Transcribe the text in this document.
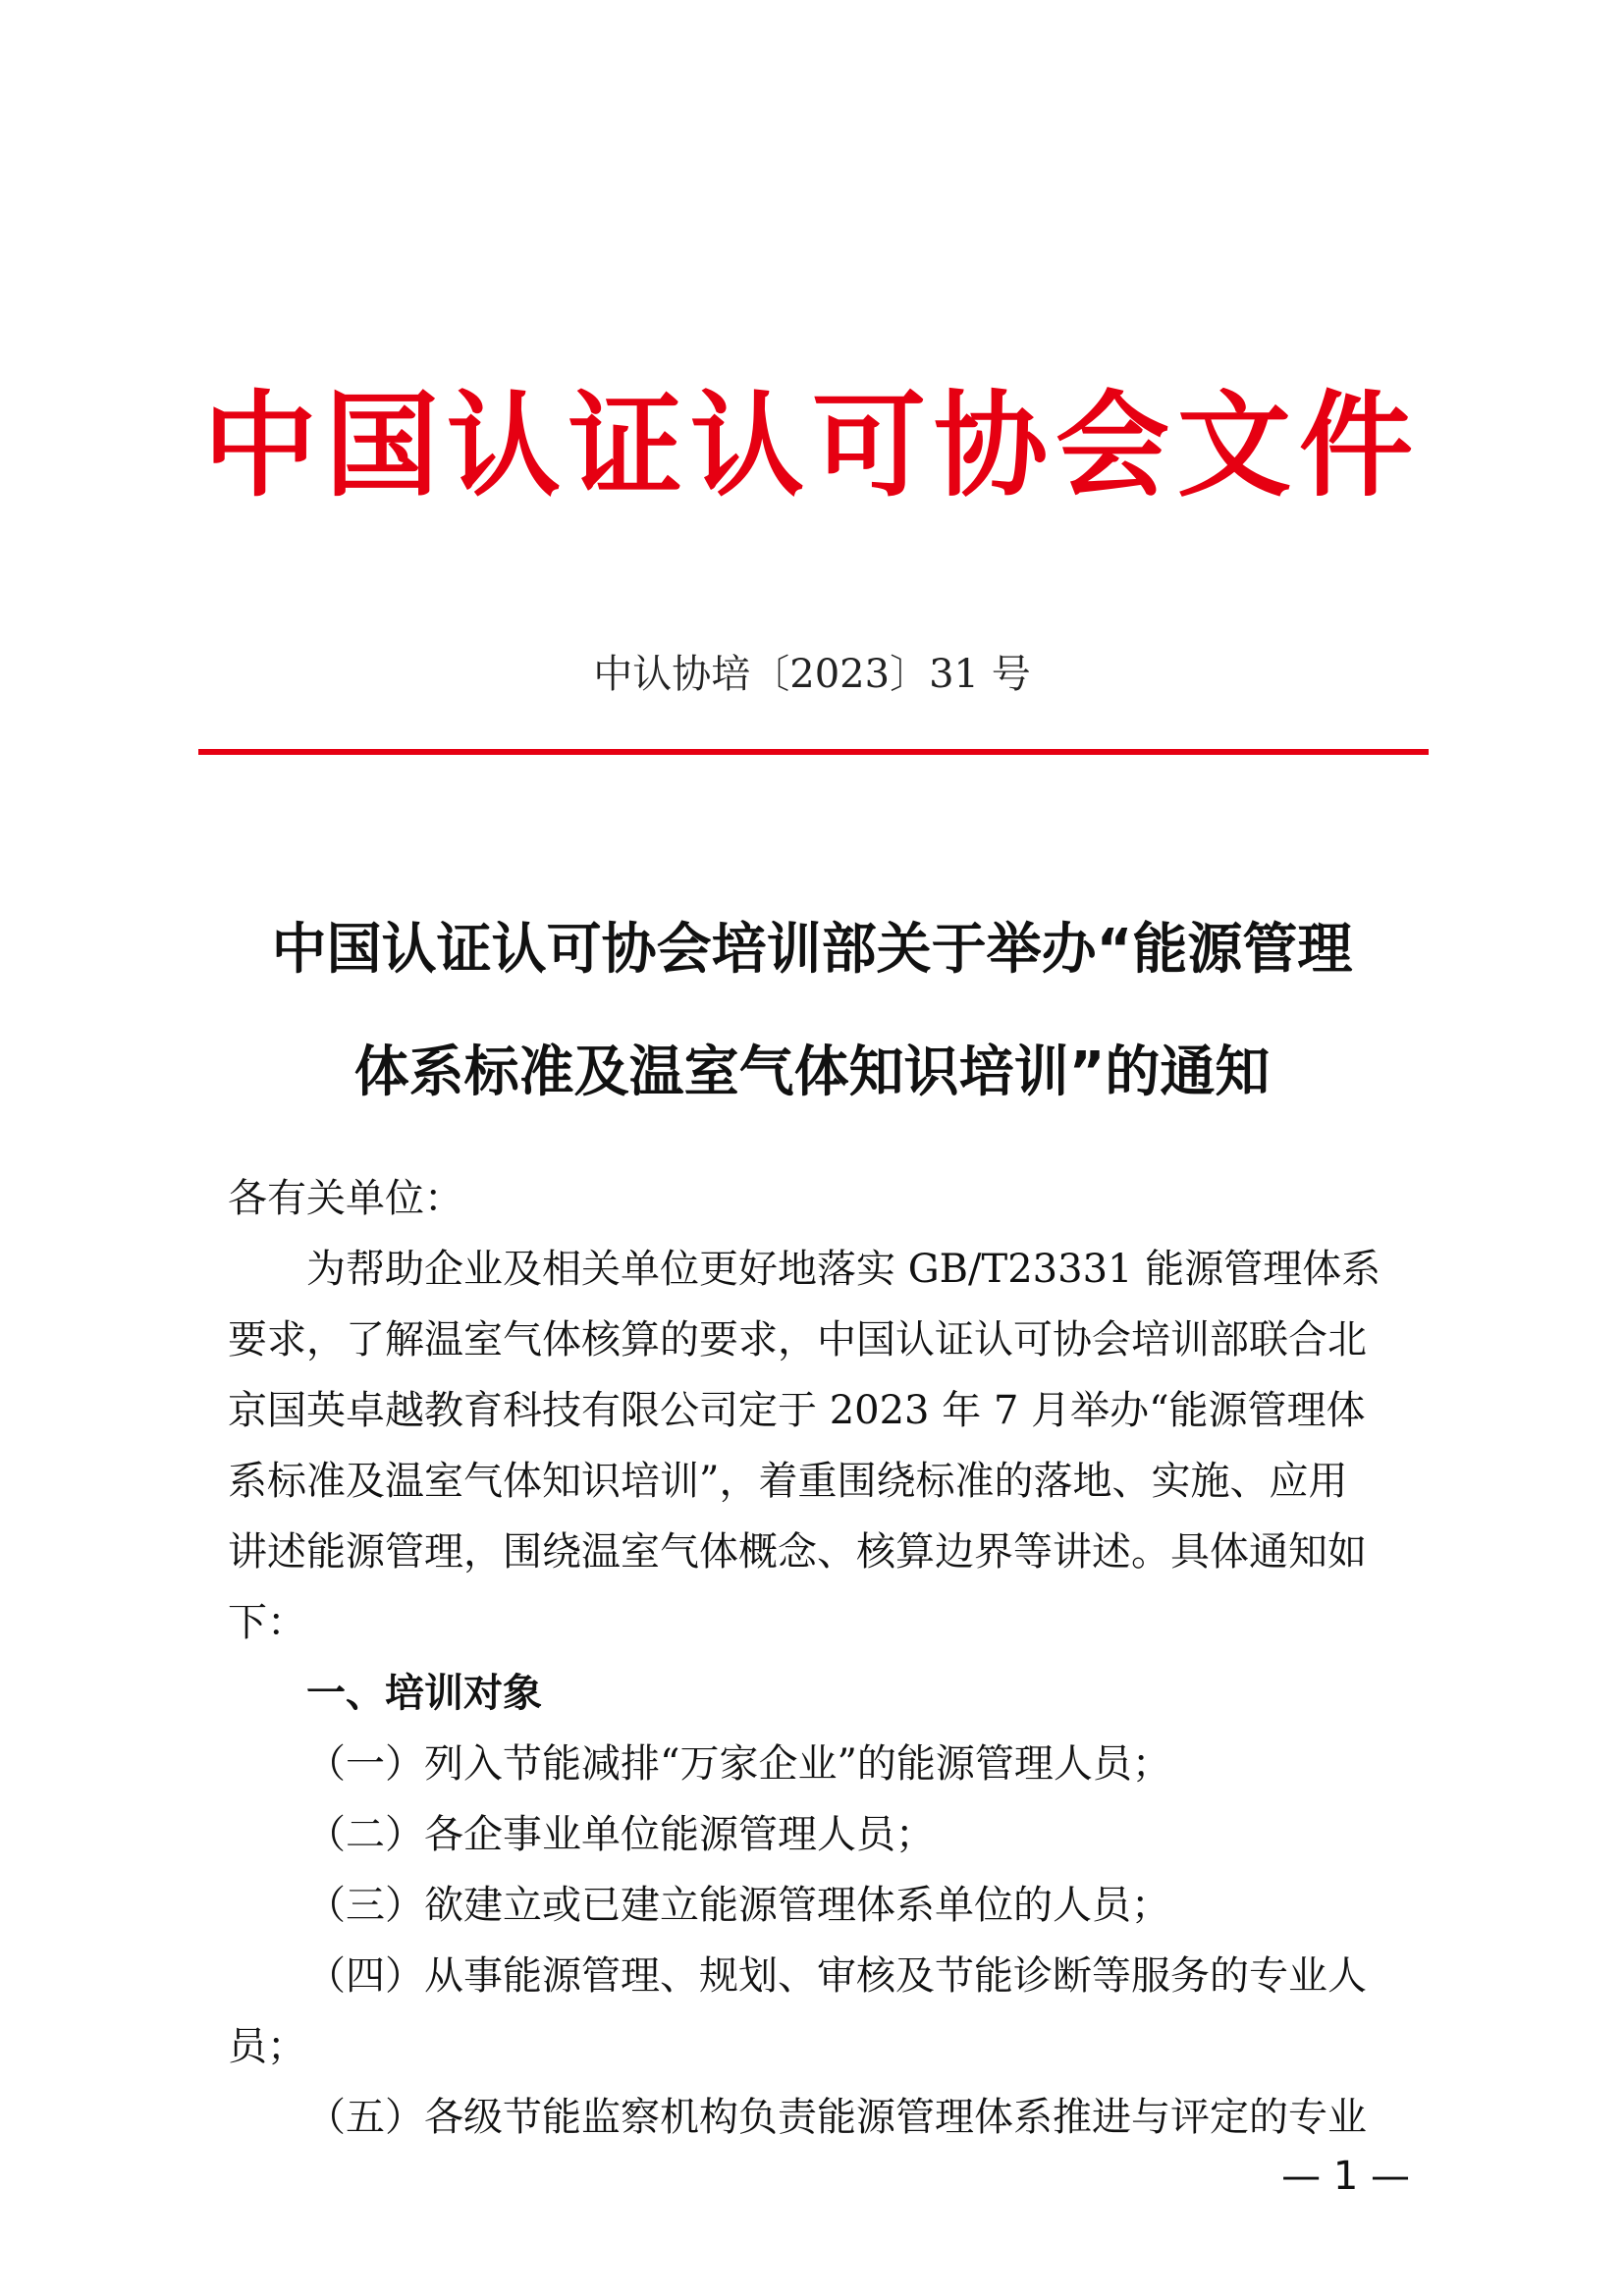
中国认证认可协会文件
中认协培〔2023〕31 号
中国认证认可协会培训部关于举办“能源管理
体系标准及温室气体知识培训”的通知
各有关单位：
为帮助企业及相关单位更好地落实 GB/T23331 能源管理体系
要求，了解温室气体核算的要求，中国认证认可协会培训部联合北
京国英卓越教育科技有限公司定于 2023 年 7 月举办“能源管理体
系标准及温室气体知识培训”，着重围绕标准的落地、实施、应用
讲述能源管理，围绕温室气体概念、核算边界等讲述。具体通知如
下：
一、培训对象
（一）列入节能减排“万家企业”的能源管理人员；
（二）各企事业单位能源管理人员；
（三）欲建立或已建立能源管理体系单位的人员；
（四）从事能源管理、规划、审核及节能诊断等服务的专业人
员；
（五）各级节能监察机构负责能源管理体系推进与评定的专业
— 1 —
